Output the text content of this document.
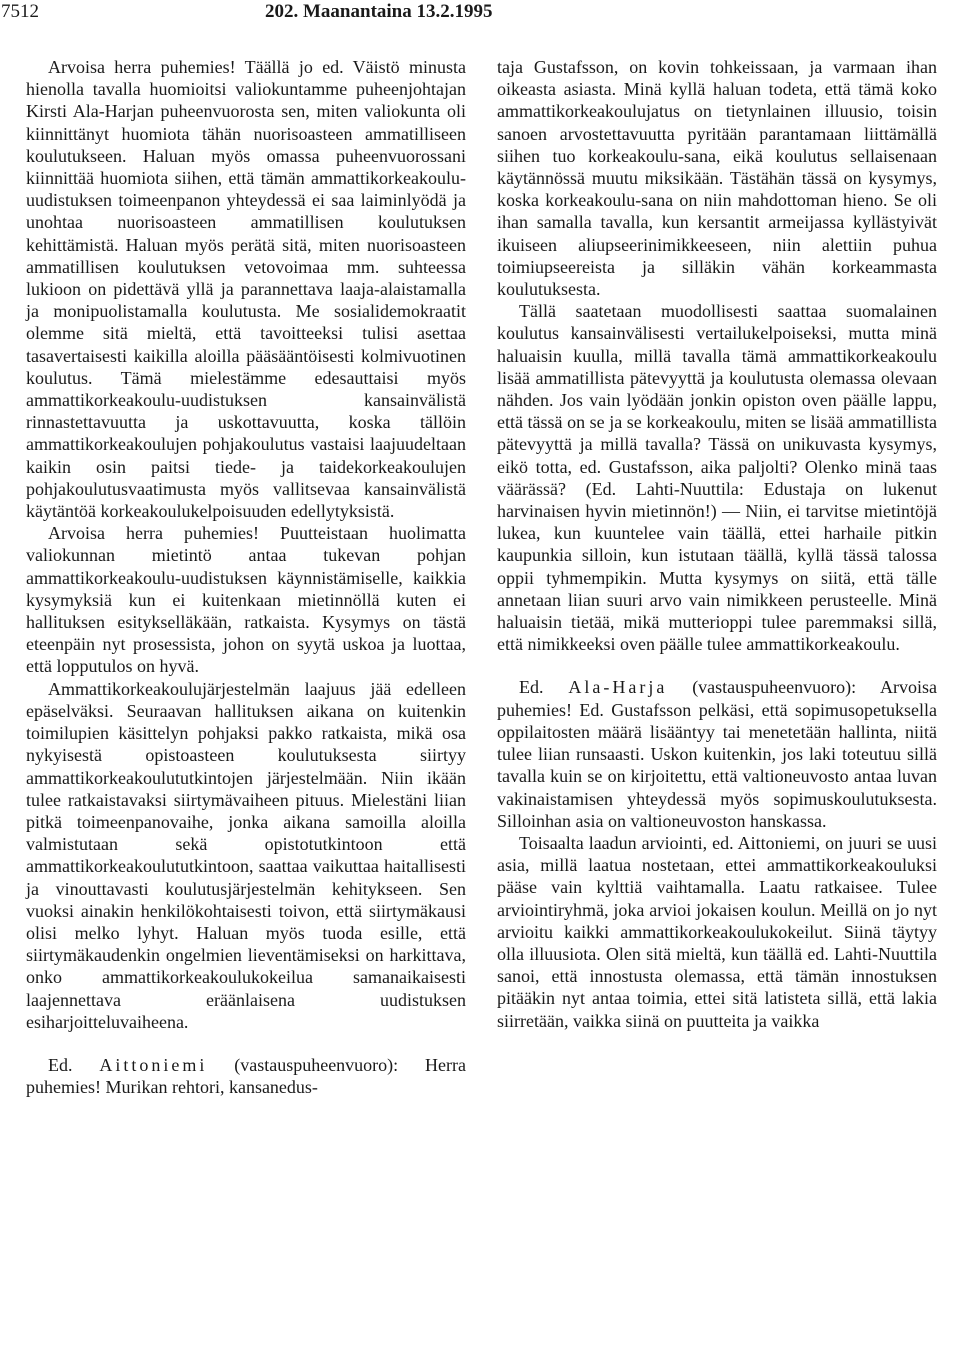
7512	202. Maanantaina 13.2.1995

Arvoisa herra puhemies! Täällä jo ed. Väistö minusta hienolla tavalla huomioitsi valiokuntamme puheenjohtajan Kirsti Ala-Harjan puheenvuorosta sen, miten valiokunta oli kiinnittänyt huomiota tähän nuorisoasteen ammatilliseen koulutukseen. Haluan myös omassa puheenvuorossani kiinnittää huomiota siihen, että tämän ammattikorkeakoulu-uudistuksen toimeenpanon yhteydessä ei saa laiminlyödä ja unohtaa nuorisoasteen ammatillisen koulutuksen kehittämistä. Haluan myös perätä sitä, miten nuorisoasteen ammatillisen koulutuksen vetovoimaa mm. suhteessa lukioon on pidettävä yllä ja parannettava laaja-alaistamalla ja monipuolistamalla koulutusta. Me sosialidemokraatit olemme sitä mieltä, että tavoitteeksi tulisi asettaa tasavertaisesti kaikilla aloilla pääsääntöisesti kolmivuotinen koulutus. Tämä mielestämme edesauttaisi myös ammattikorkeakoulu-uudistuksen kansainvälistä rinnastettavuutta ja uskottavuutta, koska tällöin ammattikorkeakoulujen pohjakoulutus vastaisi laajuudeltaan kaikin osin paitsi tiede- ja taidekorkeakoulujen pohjakoulutusvaatimusta myös vallitsevaa kansainvälistä käytäntöä korkeakoulukelpoisuuden edellytyksistä.

Arvoisa herra puhemies! Puutteistaan huolimatta valiokunnan mietintö antaa tukevan pohjan ammattikorkeakoulu-uudistuksen käynnistämiselle, kaikkia kysymyksiä kun ei kuitenkaan mietinnöllä kuten ei hallituksen esitykselläkään, ratkaista. Kysymys on tästä eteenpäin nyt prosessista, johon on syytä uskoa ja luottaa, että lopputulos on hyvä.

Ammattikorkeakoulujärjestelmän laajuus jää edelleen epäselväksi. Seuraavan hallituksen aikana on kuitenkin toimilupien käsittelyn pohjaksi pakko ratkaista, mikä osa nykyisestä opistoasteen koulutuksesta siirtyy ammattikorkeakoulututkintojen järjestelmään. Niin ikään tulee ratkaistavaksi siirtymävaiheen pituus. Mielestäni liian pitkä toimeenpanovaihe, jonka aikana samoilla aloilla valmistutaan sekä opistotutkintoon että ammattikorkeakoulututkintoon, saattaa vaikuttaa haitallisesti ja vinouttavasti koulutusjärjestelmän kehitykseen. Sen vuoksi ainakin henkilökohtaisesti toivon, että siirtymäkausi olisi melko lyhyt. Haluan myös tuoda esille, että siirtymäkaudenkin ongelmien lieventämiseksi on harkittava, onko ammattikorkeakoulukokeilua samanaikaisesti laajennettava eräänlaisena uudistuksen esiharjoitteluvaiheena.

Ed. Aittoniemi (vastauspuheenvuoro): Herra puhemies! Murikan rehtori, kansanedus-

taja Gustafsson, on kovin tohkeissaan, ja varmaan ihan oikeasta asiasta. Minä kyllä haluan todeta, että tämä koko ammattikorkeakoulujatus on tietynlainen illuusio, toisin sanoen arvostettavuutta pyritään parantamaan liittämällä siihen tuo korkeakoulu-sana, eikä koulutus sellaisenaan käytännössä muutu miksikään. Tästähän tässä on kysymys, koska korkeakoulu-sana on niin mahdottoman hieno. Se oli ihan samalla tavalla, kun kersantit armeijassa kyllästyivät ikuiseen aliupseerinimikkeeseen, niin alettiin puhua toimiupseereista ja silläkin vähän korkeammasta koulutuksesta.

Tällä saatetaan muodollisesti saattaa suomalainen koulutus kansainvälisesti vertailukelpoiseksi, mutta minä haluaisin kuulla, millä tavalla tämä ammattikorkeakoulu lisää ammatillista pätevyyttä ja koulutusta olemassa olevaan nähden. Jos vain lyödään jonkin opiston oven päälle lappu, että tässä on se ja se korkeakoulu, miten se lisää ammatillista pätevyyttä ja millä tavalla? Tässä on unikuvasta kysymys, eikö totta, ed. Gustafsson, aika paljolti? Olenko minä taas väärässä? (Ed. Lahti-Nuuttila: Edustaja on lukenut harvinaisen hyvin mietinnön!) — Niin, ei tarvitse mietintöjä lukea, kun kuuntelee vain täällä, ettei harhaile pitkin kaupunkia silloin, kun istutaan täällä, kyllä tässä talossa oppii tyhmempikin. Mutta kysymys on siitä, että tälle annetaan liian suuri arvo vain nimikkeen perusteelle. Minä haluaisin tietää, mikä mutterioppi tulee paremmaksi sillä, että nimikkeeksi oven päälle tulee ammattikorkeakoulu.

Ed. Ala-Harja (vastauspuheenvuoro): Arvoisa puhemies! Ed. Gustafsson pelkäsi, että sopimusopetuksella oppilaitosten määrä lisääntyy tai menetetään hallinta, niitä tulee liian runsaasti. Uskon kuitenkin, jos laki toteutuu sillä tavalla kuin se on kirjoitettu, että valtioneuvosto antaa luvan vakinaistamisen yhteydessä myös sopimuskoulutuksesta. Silloinhan asia on valtioneuvoston hanskassa.

Toisaalta laadun arviointi, ed. Aittoniemi, on juuri se uusi asia, millä laatua nostetaan, ettei ammattikorkeakouluksi pääse vain kylttiä vaihtamalla. Laatu ratkaisee. Tulee arviointiryhmä, joka arvioi jokaisen koulun. Meillä on jo nyt arvioitu kaikki ammattikorkeakoulukokeilut. Siinä täytyy olla illuusiota. Olen sitä mieltä, kun täällä ed. Lahti-Nuuttila sanoi, että innostusta olemassa, että tämän innostuksen pitääkin nyt antaa toimia, ettei sitä latisteta sillä, että lakia siirretään, vaikka siinä on puutteita ja vaikka
